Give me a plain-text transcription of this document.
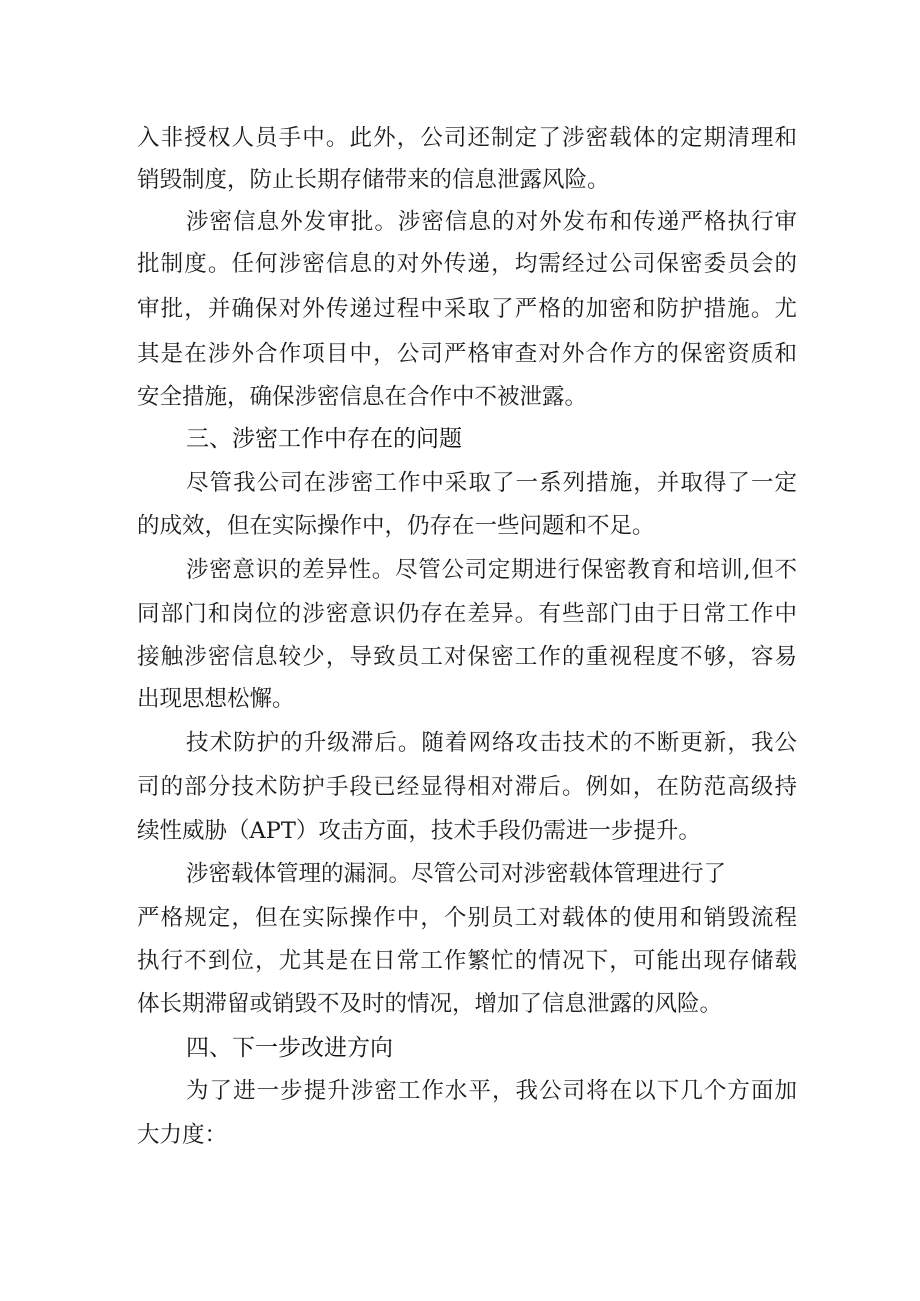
入非授权人员手中。此外，公司还制定了涉密载体的定期清理和
销毁制度，防止长期存储带来的信息泄露风险。
涉密信息外发审批。涉密信息的对外发布和传递严格执行审
批制度。任何涉密信息的对外传递，均需经过公司保密委员会的
审批，并确保对外传递过程中采取了严格的加密和防护措施。尤
其是在涉外合作项目中，公司严格审查对外合作方的保密资质和
安全措施，确保涉密信息在合作中不被泄露。
三、涉密工作中存在的问题
尽管我公司在涉密工作中采取了一系列措施，并取得了一定
的成效，但在实际操作中，仍存在一些问题和不足。
涉密意识的差异性。尽管公司定期进行保密教育和培训,但不
同部门和岗位的涉密意识仍存在差异。有些部门由于日常工作中
接触涉密信息较少，导致员工对保密工作的重视程度不够，容易
出现思想松懈。
技术防护的升级滞后。随着网络攻击技术的不断更新，我公
司的部分技术防护手段已经显得相对滞后。例如，在防范高级持
续性威胁（APT）攻击方面，技术手段仍需进一步提升。
涉密载体管理的漏洞。尽管公司对涉密载体管理进行了
严格规定，但在实际操作中，个别员工对载体的使用和销毁流程
执行不到位，尤其是在日常工作繁忙的情况下，可能出现存储载
体长期滞留或销毁不及时的情况，增加了信息泄露的风险。
四、下一步改进方向
为了进一步提升涉密工作水平，我公司将在以下几个方面加
大力度：
